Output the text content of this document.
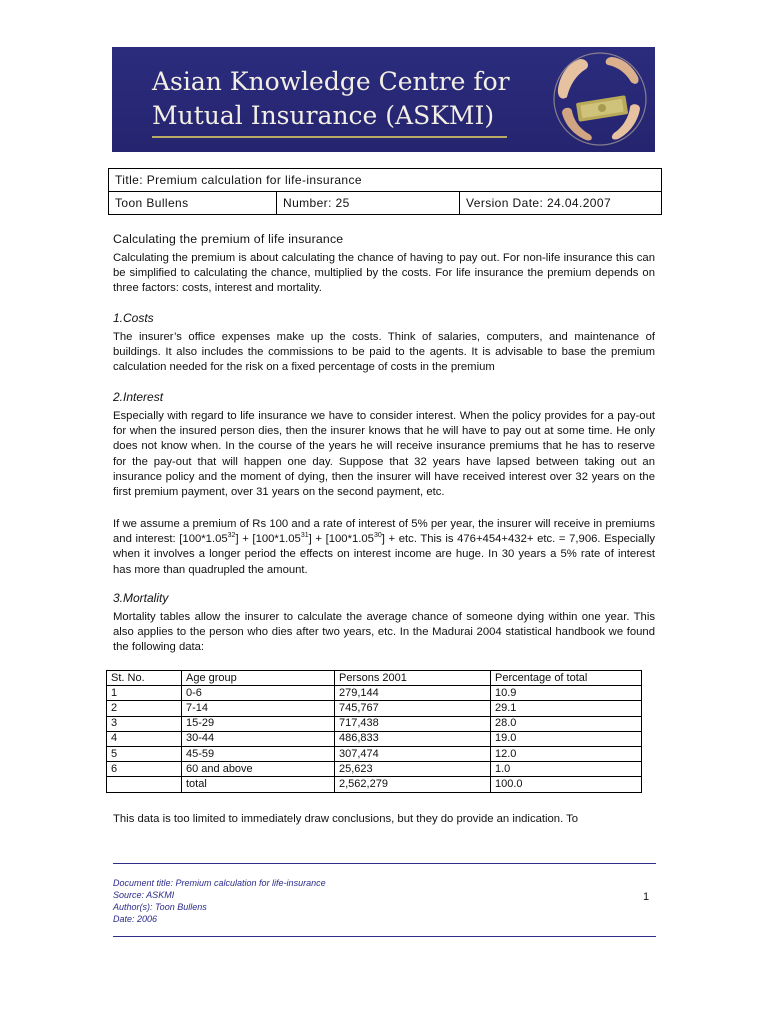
Asian Knowledge Centre for
Mutual Insurance (ASKMI)
Title: Premium calculation for life-insurance
Toon Bullens	Number: 25	Version Date: 24.04.2007

Calculating the premium of life insurance

Calculating the premium is about calculating the chance of having to pay out. For non-life insurance this can be simplified to calculating the chance, multiplied by the costs. For life insurance the premium depends on three factors: costs, interest and mortality.

1.Costs

The insurer’s office expenses make up the costs. Think of salaries, computers, and maintenance of buildings. It also includes the commissions to be paid to the agents. It is advisable to base the premium calculation needed for the risk on a fixed percentage of costs in the premium

2.Interest

Especially with regard to life insurance we have to consider interest. When the policy provides for a pay-out for when the insured person dies, then the insurer knows that he will have to pay out at some time. He only does not know when. In the course of the years he will receive insurance premiums that he has to reserve for the pay-out that will happen one day. Suppose that 32 years have lapsed between taking out an insurance policy and the moment of dying, then the insurer will have received interest over 32 years on the first premium payment, over 31 years on the second payment, etc.

If we assume a premium of Rs 100 and a rate of interest of 5% per year, the insurer will receive in premiums and interest: $[100*1.05^{32}] + [100*1.05^{31}] + [100*1.05^{30}]$ + etc. This is 476+454+432+ etc. = 7,906. Especially when it involves a longer period the effects on interest income are huge. In 30 years a 5% rate of interest has more than quadrupled the amount.

3.Mortality

Mortality tables allow the insurer to calculate the average chance of someone dying within one year. This also applies to the person who dies after two years, etc. In the Madurai 2004 statistical handbook we found the following data:

St. No.	Age group	Persons 2001	Percentage of total
1	0-6	279,144	10.9
2	7-14	745,767	29.1
3	15-29	717,438	28.0
4	30-44	486,833	19.0
5	45-59	307,474	12.0
6	60 and above	25,623	1.0
	total	2,562,279	100.0

This data is too limited to immediately draw conclusions, but they do provide an indication. To

Document title: Premium calculation for life-insurance
Source: ASKMI
Author(s): Toon Bullens
Date: 2006
1
